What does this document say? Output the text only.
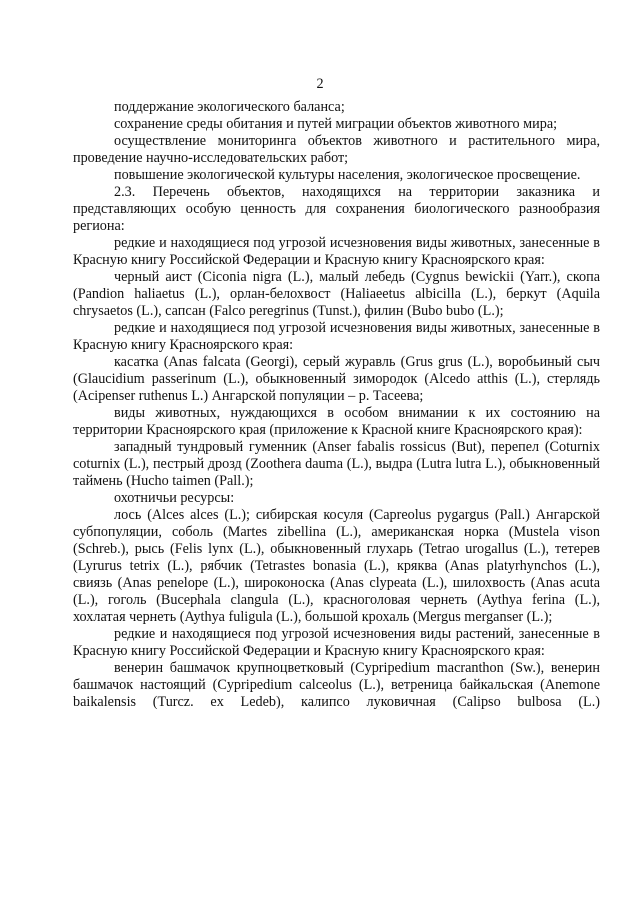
2

поддержание экологического баланса;

сохранение среды обитания и путей миграции объектов животного мира;

осуществление мониторинга объектов животного и растительного мира, проведение научно-исследовательских работ;

повышение экологической культуры населения, экологическое просвещение.

2.3. Перечень объектов, находящихся на территории заказника и представляющих особую ценность для сохранения биологического разнообразия региона:

редкие и находящиеся под угрозой исчезновения виды животных, занесенные в Красную книгу Российской Федерации и Красную книгу Красноярского края:

черный аист (Ciconia nigra (L.), малый лебедь (Cygnus bewickii (Yarr.), скопа (Pandion haliaetus (L.), орлан-белохвост (Haliaeetus albicilla (L.), беркут (Aquila chrysaetos (L.), сапсан (Falco peregrinus (Tunst.), филин (Bubo bubo (L.);

редкие и находящиеся под угрозой исчезновения виды животных, занесенные в Красную книгу Красноярского края:

касатка (Anas falcata (Georgi), серый журавль (Grus grus (L.), воробьиный сыч (Glaucidium passerinum (L.), обыкновенный зимородок (Alcedo atthis (L.), стерлядь (Acipenser ruthenus L.) Ангарской популяции – р. Тасеева;

виды животных, нуждающихся в особом внимании к их состоянию на территории Красноярского края (приложение к Красной книге Красноярского края):

западный тундровый гуменник (Anser fabalis rossicus (But), перепел (Coturnix coturnix (L.), пестрый дрозд (Zoothera dauma (L.), выдра (Lutra lutra L.), обыкновенный таймень (Hucho taimen (Pall.);

охотничьи ресурсы:

лось (Alces alces (L.); сибирская косуля (Capreolus pygargus (Pall.) Ангарской субпопуляции, соболь (Martes zibellina (L.), американская норка (Mustela vison (Schreb.), рысь (Felis lynx (L.), обыкновенный глухарь (Tetrao urogallus (L.), тетерев (Lyrurus tetrix (L.), рябчик (Tetrastes bonasia (L.), кряква (Anas platyrhynchos (L.), свиязь (Anas penelope (L.), широконоска (Anas clypeata (L.), шилохвость (Anas acuta (L.), гоголь (Bucephala clangula (L.), красноголовая чернеть (Aythya ferina (L.), хохлатая чернеть (Aythya fuligula (L.), большой крохаль (Mergus merganser (L.);

редкие и находящиеся под угрозой исчезновения виды растений, занесенные в Красную книгу Российской Федерации и Красную книгу Красноярского края:

венерин башмачок крупноцветковый (Cypripedium macranthon (Sw.), венерин башмачок настоящий (Cypripedium calceolus (L.), ветреница байкальская (Anemone baikalensis (Turcz. ex Ledeb), калипсо луковичная (Calipso bulbosa (L.)
